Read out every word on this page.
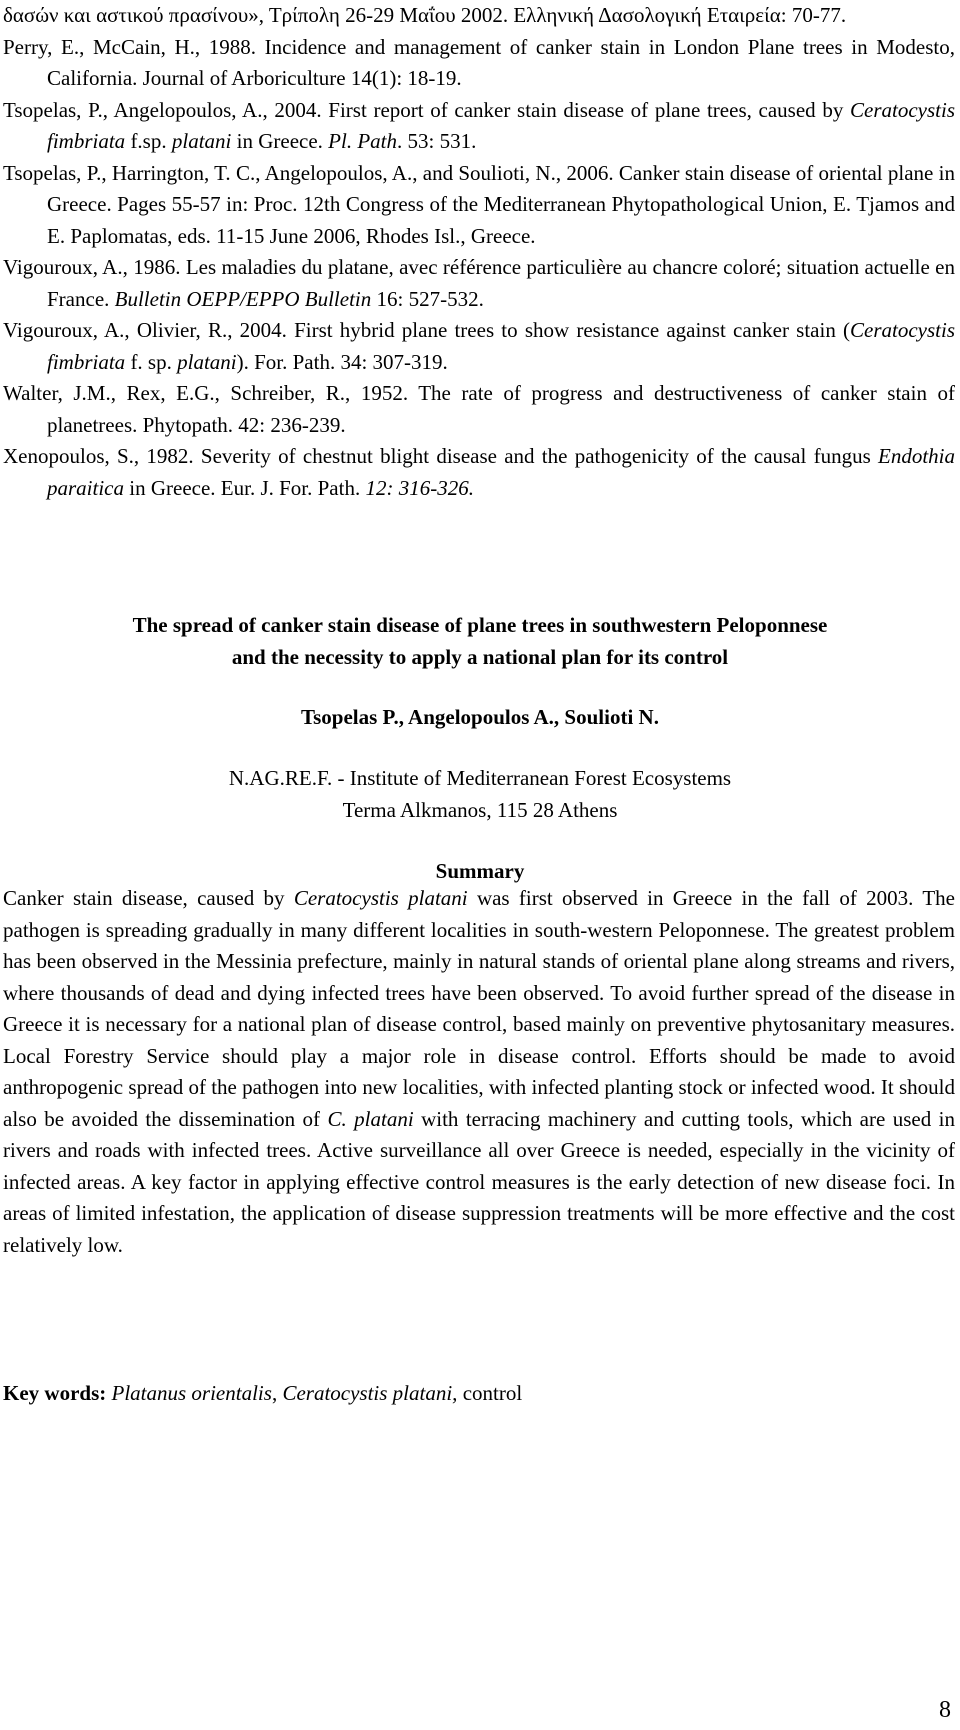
δασών και αστικού πρασίνου», Τρίπολη 26-29 Μαΐου 2002. Ελληνική Δασολογική Εταιρεία: 70-77.
Perry, E., McCain, H., 1988. Incidence and management of canker stain in London Plane trees in Modesto, California. Journal of Arboriculture 14(1): 18-19.
Tsopelas, P., Angelopoulos, A., 2004. First report of canker stain disease of plane trees, caused by Ceratocystis fimbriata f.sp. platani in Greece. Pl. Path. 53: 531.
Tsopelas, P., Harrington, T. C., Angelopoulos, A., and Soulioti, N., 2006. Canker stain disease of oriental plane in Greece. Pages 55-57 in: Proc. 12th Congress of the Mediterranean Phytopathological Union, E. Tjamos and E. Paplomatas, eds. 11-15 June 2006, Rhodes Isl., Greece.
Vigouroux, A., 1986. Les maladies du platane, avec référence particulière au chancre coloré; situation actuelle en France. Bulletin OEPP/EPPO Bulletin 16: 527-532.
Vigouroux, A., Olivier, R., 2004. First hybrid plane trees to show resistance against canker stain (Ceratocystis fimbriata f. sp. platani). For. Path. 34: 307-319.
Walter, J.M., Rex, E.G., Schreiber, R., 1952. The rate of progress and destructiveness of canker stain of planetrees. Phytopath. 42: 236-239.
Xenopoulos, S., 1982. Severity of chestnut blight disease and the pathogenicity of the causal fungus Endothia paraitica in Greece. Eur. J. For. Path. 12: 316-326.
The spread of canker stain disease of plane trees in southwestern Peloponnese
and the necessity to apply a national plan for its control
Tsopelas P., Angelopoulos A., Soulioti N.
N.AG.RE.F. - Institute of Mediterranean Forest Ecosystems
Terma Alkmanos, 115 28 Athens
Summary
Canker stain disease, caused by Ceratocystis platani was first observed in Greece in the fall of 2003. The pathogen is spreading gradually in many different localities in south-western Peloponnese. The greatest problem has been observed in the Messinia prefecture, mainly in natural stands of oriental plane along streams and rivers, where thousands of dead and dying infected trees have been observed. To avoid further spread of the disease in Greece it is necessary for a national plan of disease control, based mainly on preventive phytosanitary measures. Local Forestry Service should play a major role in disease control. Efforts should be made to avoid anthropogenic spread of the pathogen into new localities, with infected planting stock or infected wood. It should also be avoided the dissemination of C. platani with terracing machinery and cutting tools, which are used in rivers and roads with infected trees. Active surveillance all over Greece is needed, especially in the vicinity of infected areas. A key factor in applying effective control measures is the early detection of new disease foci. In areas of limited infestation, the application of disease suppression treatments will be more effective and the cost relatively low.
Key words: Platanus orientalis, Ceratocystis platani, control
8
